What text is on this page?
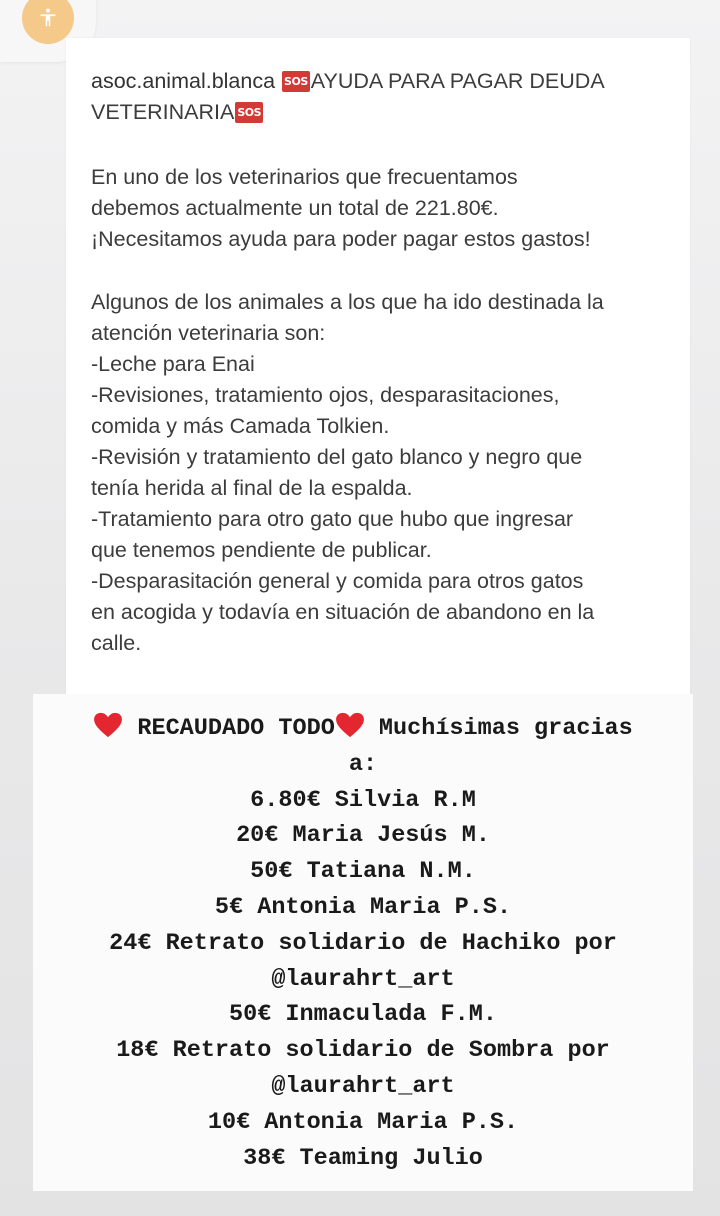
asoc.animal.blanca SOS AYUDA PARA PAGAR DEUDA
VETERINARIA SOS
En uno de los veterinarios que frecuentamos
debemos actualmente un total de 221.80€.
¡Necesitamos ayuda para poder pagar estos gastos!
Algunos de los animales a los que ha ido destinada la
atención veterinaria son:
-Leche para Enai
-Revisiones, tratamiento ojos, desparasitaciones,
comida y más Camada Tolkien.
-Revisión y tratamiento del gato blanco y negro que
tenía herida al final de la espalda.
-Tratamiento para otro gato que hubo que ingresar
que tenemos pendiente de publicar.
-Desparasitación general y comida para otros gatos
en acogida y todavía en situación de abandono en la
calle.
RECAUDADO TODO Muchísimas gracias
a:
6.80€ Silvia R.M
20€ Maria Jesús M.
50€ Tatiana N.M.
5€ Antonia Maria P.S.
24€ Retrato solidario de Hachiko por
@laurahrt_art
50€ Inmaculada F.M.
18€ Retrato solidario de Sombra por
@laurahrt_art
10€ Antonia Maria P.S.
38€ Teaming Julio
